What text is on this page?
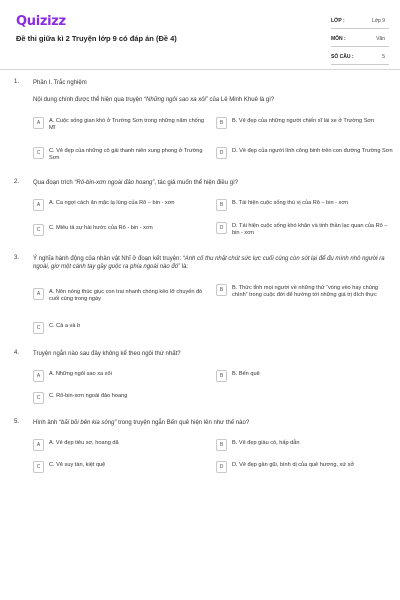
Quizizz
Đề thi giữa kì 2 Truyện lớp 9 có đáp án (Đề 4)
LỚP :	Lớp 9
MÔN :	Văn
SỐ CÂU :	5
1. Phần I. Trắc nghiệm
Nội dung chính được thể hiện qua truyện “Những ngôi sao xa xôi” của Lê Minh Khuê là gì?
A	A. Cuộc sống gian khó ở Trường Sơn trong những năm chống Mĩ
B	B. Vẻ đẹp của những người chiến sĩ lái xe ở Trường Sơn
C	C. Vẻ đẹp của những cô gái thanh niên xung phong ở Trường Sơn
D	D. Vẻ đẹp của người lính công binh trên con đường Trường Sơn
2. Qua đoạn trích “Rô-bin-xơn ngoài đảo hoang”, tác giả muốn thể hiện điều gì?
A	A. Ca ngợi cách ăn mặc lạ lùng của Rô – bin - xơn	B	B. Tái hiện cuộc sống thú vị của Rô – bin - xơn
C	C. Miêu tả sự hài hước của Rô - bin - xơn	D	D. Tái hiện cuộc sống khó khăn và tinh thần lạc quan của Rô – bin - xơn
3. Ý nghĩa hành động của nhân vật Nhĩ ở đoạn kết truyện: “Anh cố thu nhặt chút sức lực cuối cùng còn sót lại để đu mình nhô người ra ngoài, giơ một cánh tay gầy guộc ra phía ngoài nào đó” là:
A	A. Nôn nóng thúc giục con trai nhanh chóng kẻo lỡ chuyến đò cuối cùng trong ngày
B	B. Thức tỉnh mọi người về những thứ “vòng vèo hay chùng chình” trong cuộc đời để hướng tới những giá trị đích thực
C	C. Cả a và b
4. Truyện ngắn nào sau đây không kể theo ngôi thứ nhất?
A	A. Những ngôi sao xa xôi	B	B. Bến quê
C	C. Rô-bin-xơn ngoài đảo hoang
5. Hình ảnh “bãi bồi bên kia sông” trong truyện ngắn Bến quê hiện lên như thế nào?
A	A. Vẻ đẹp tiêu sơ, hoang dã	B	B. Vẻ đẹp giàu có, hấp dẫn
C	C. Vẻ suy tàn, kiệt quệ	D	D. Vẻ đẹp gần gũi, bình dị của quê hương, xứ sở
